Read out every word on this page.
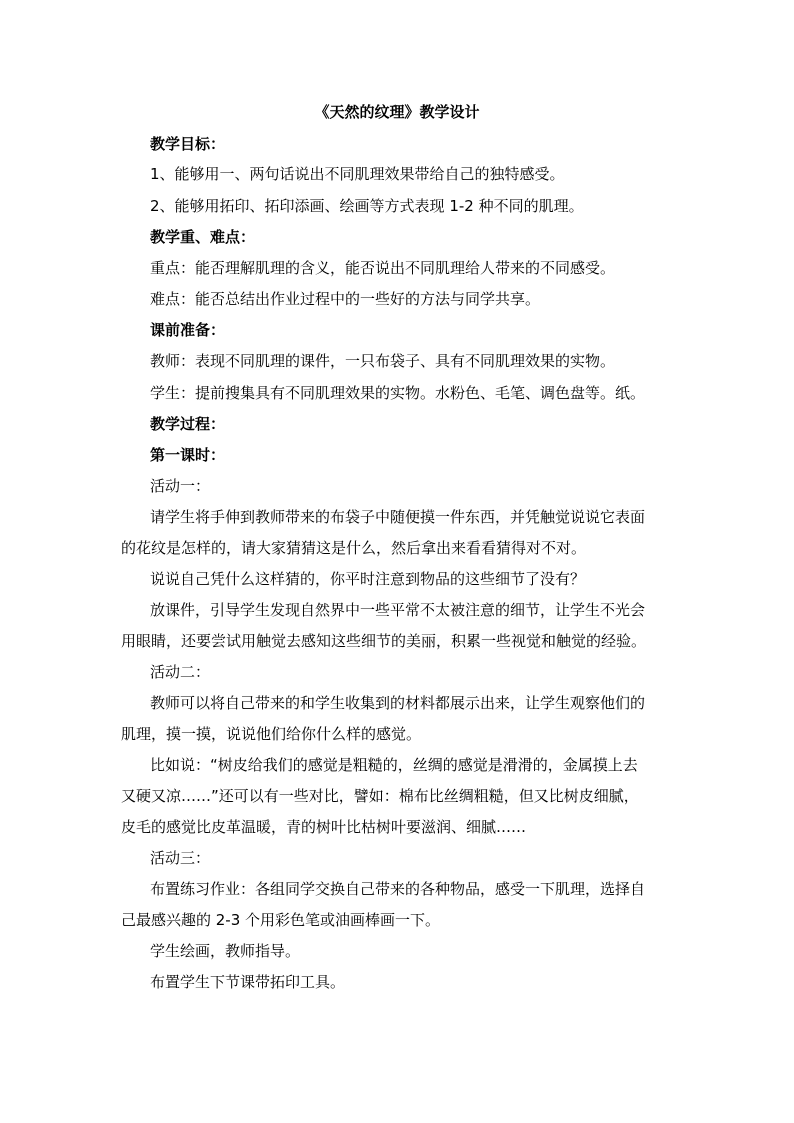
《天然的纹理》教学设计
教学目标：
1、能够用一、两句话说出不同肌理效果带给自己的独特感受。
2、能够用拓印、拓印添画、绘画等方式表现 1-2 种不同的肌理。
教学重、难点：
重点：能否理解肌理的含义，能否说出不同肌理给人带来的不同感受。
难点：能否总结出作业过程中的一些好的方法与同学共享。
课前准备：
教师：表现不同肌理的课件，一只布袋子、具有不同肌理效果的实物。
学生：提前搜集具有不同肌理效果的实物。水粉色、毛笔、调色盘等。纸。
教学过程：
第一课时：
活动一：
请学生将手伸到教师带来的布袋子中随便摸一件东西，并凭触觉说说它表面
的花纹是怎样的，请大家猜猜这是什么，然后拿出来看看猜得对不对。
说说自己凭什么这样猜的，你平时注意到物品的这些细节了没有？
放课件，引导学生发现自然界中一些平常不太被注意的细节，让学生不光会
用眼睛，还要尝试用触觉去感知这些细节的美丽，积累一些视觉和触觉的经验。
活动二：
教师可以将自己带来的和学生收集到的材料都展示出来，让学生观察他们的
肌理，摸一摸，说说他们给你什么样的感觉。
比如说：“树皮给我们的感觉是粗糙的，丝绸的感觉是滑滑的，金属摸上去
又硬又凉……”还可以有一些对比，譬如：棉布比丝绸粗糙，但又比树皮细腻，
皮毛的感觉比皮革温暖，青的树叶比枯树叶要滋润、细腻……
活动三：
布置练习作业：各组同学交换自己带来的各种物品，感受一下肌理，选择自
己最感兴趣的 2-3 个用彩色笔或油画棒画一下。
学生绘画，教师指导。
布置学生下节课带拓印工具。
